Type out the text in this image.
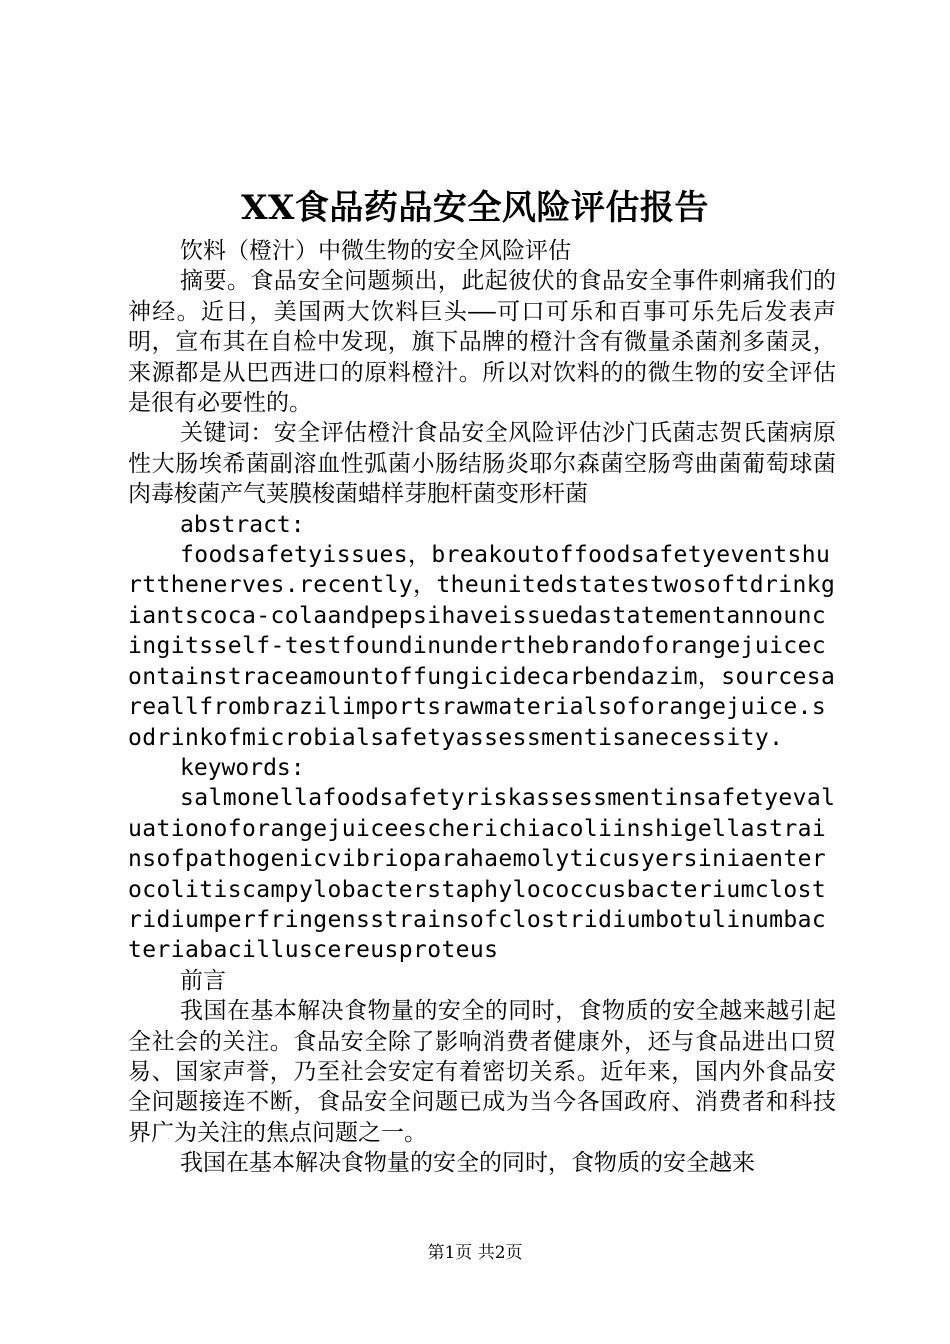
XX食品药品安全风险评估报告

饮料（橙汁）中微生物的安全风险评估

摘要。食品安全问题频出，此起彼伏的食品安全事件刺痛我们的神经。近日，美国两大饮料巨头——可口可乐和百事可乐先后发表声明，宣布其在自检中发现，旗下品牌的橙汁含有微量杀菌剂多菌灵，来源都是从巴西进口的原料橙汁。所以对饮料的的微生物的安全评估是很有必要性的。

关键词：安全评估橙汁食品安全风险评估沙门氏菌志贺氏菌病原性大肠埃希菌副溶血性弧菌小肠结肠炎耶尔森菌空肠弯曲菌葡萄球菌肉毒梭菌产气荚膜梭菌蜡样芽胞杆菌变形杆菌

abstract:

foodsafetyissues，breakoutoffoodsafetyeventshurtthenerves.recently，theunitedstatestwosoftdrinkgiantscoca-colaandpepsihaveissuedastatementannouncingitsself-testfoundinunderthebrandoforangejuicecontainstraceamountoffungicidecarbendazim，sourcesareallfrombrazilimportsrawmaterialsoforangejuice.sodrinkofmicrobialsafetyassessmentisanecessity.

keywords:

salmonellafoodsafetyriskassessmentinsafetyevaluationoforangejuiceescherichiacoliinshigellastrainsofpathogenicvibrioparahaemolyticusyersiniaenterocolitiscampylobacterstaphylococcusbacteriumclostridiumperfringensstrainsofclostridiumbotulinumbacteriabacilluscereusproteus

前言

我国在基本解决食物量的安全的同时，食物质的安全越来越引起全社会的关注。食品安全除了影响消费者健康外，还与食品进出口贸易、国家声誉，乃至社会安定有着密切关系。近年来，国内外食品安全问题接连不断，食品安全问题已成为当今各国政府、消费者和科技界广为关注的焦点问题之一。

我国在基本解决食物量的安全的同时，食物质的安全越来

第1页 共2页
